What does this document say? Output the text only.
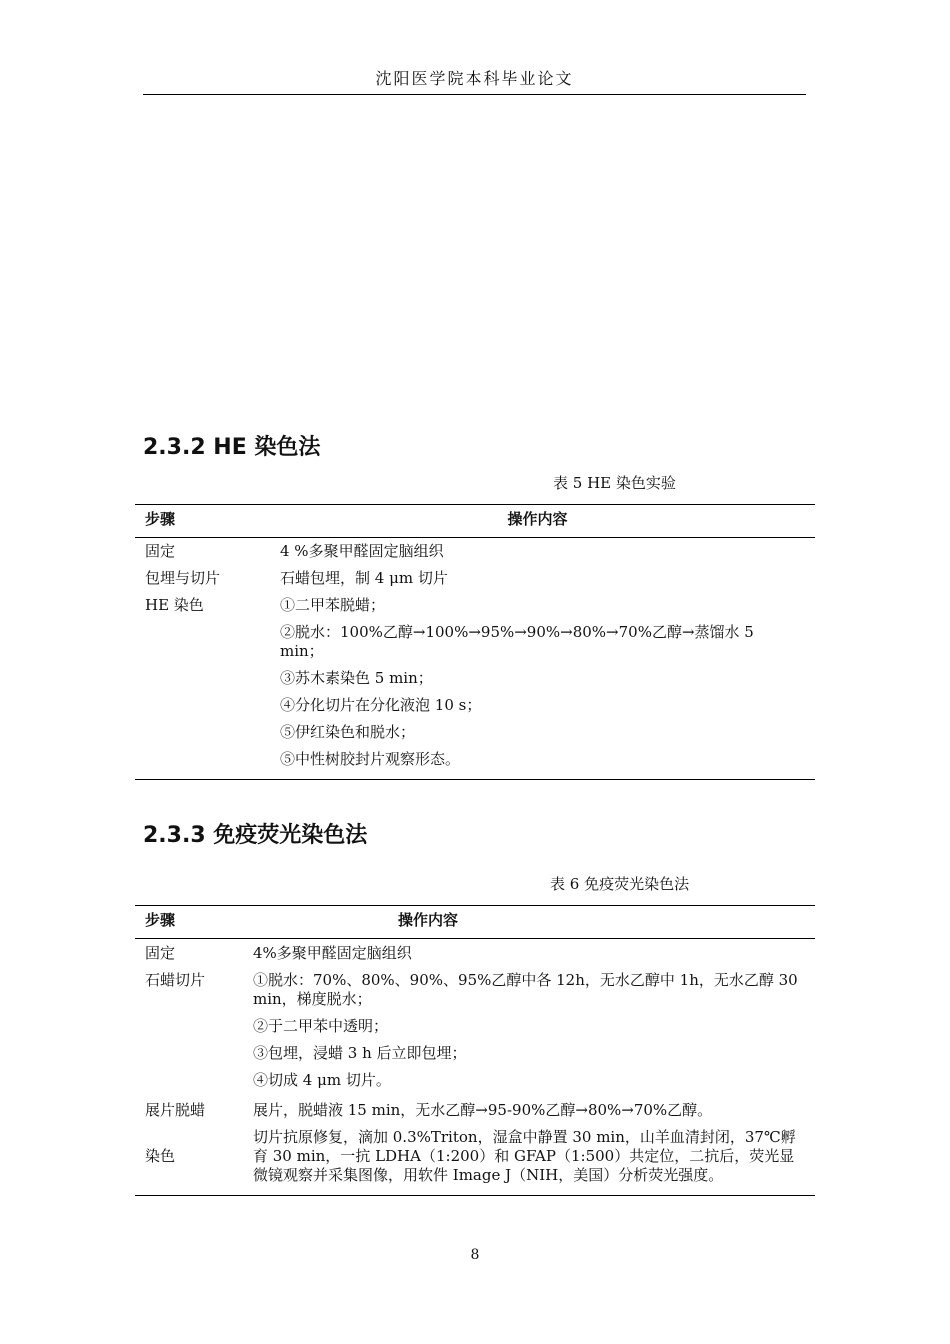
沈阳医学院本科毕业论文
2.3.2 HE 染色法
表 5 HE 染色实验
步骤	操作内容
固定	4 %多聚甲醛固定脑组织
包埋与切片	石蜡包埋，制 4 μm 切片
HE 染色	①二甲苯脱蜡；
	②脱水：100%乙醇→100%→95%→90%→80%→70%乙醇→蒸馏水 5 min；
	③苏木素染色 5 min；
	④分化切片在分化液泡 10 s；
	⑤伊红染色和脱水；
	⑤中性树胶封片观察形态。
2.3.3 免疫荧光染色法
表 6 免疫荧光染色法
步骤	操作内容
固定	4%多聚甲醛固定脑组织
石蜡切片	①脱水：70%、80%、90%、95%乙醇中各 12h，无水乙醇中 1h，无水乙醇 30 min，梯度脱水；
	②于二甲苯中透明；
	③包埋，浸蜡 3 h 后立即包埋；
	④切成 4 μm 切片。
展片脱蜡	展片，脱蜡液 15 min，无水乙醇→95-90%乙醇→80%→70%乙醇。
染色	切片抗原修复，滴加 0.3%Triton，湿盒中静置 30 min，山羊血清封闭，37℃孵育 30 min，一抗 LDHA（1:200）和 GFAP（1:500）共定位，二抗后，荧光显微镜观察并采集图像，用软件 Image J（NIH，美国）分析荧光强度。
8
